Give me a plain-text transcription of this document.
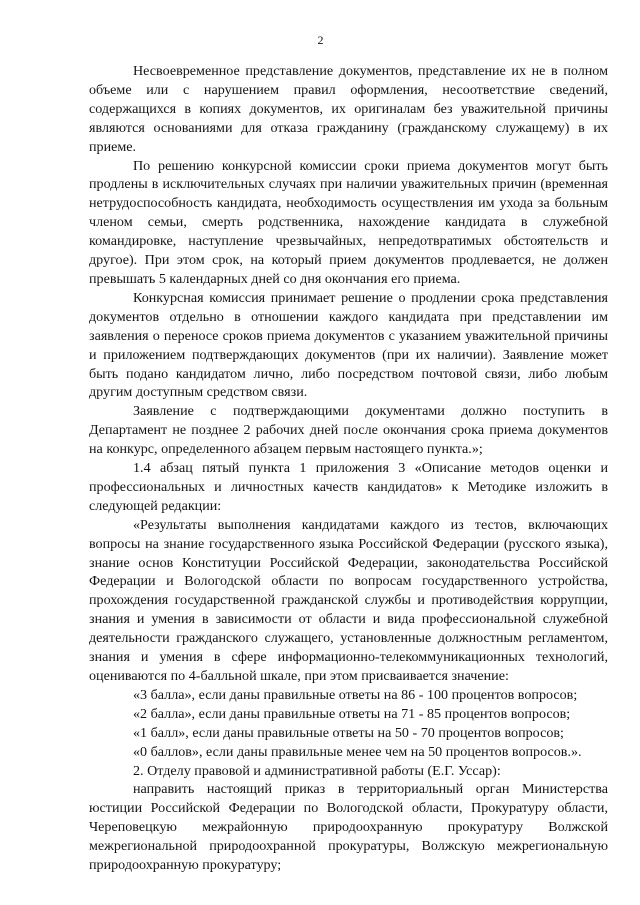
2

Несвоевременное представление документов, представление их не в полном объеме или с нарушением правил оформления, несоответствие сведений, содержащихся в копиях документов, их оригиналам без уважительной причины являются основаниями для отказа гражданину (гражданскому служащему) в их приеме.

По решению конкурсной комиссии сроки приема документов могут быть продлены в исключительных случаях при наличии уважительных причин (временная нетрудоспособность кандидата, необходимость осуществления им ухода за больным членом семьи, смерть родственника, нахождение кандидата в служебной командировке, наступление чрезвычайных, непредотвратимых обстоятельств и другое). При этом срок, на который прием документов продлевается, не должен превышать 5 календарных дней со дня окончания его приема.

Конкурсная комиссия принимает решение о продлении срока представления документов отдельно в отношении каждого кандидата при представлении им заявления о переносе сроков приема документов с указанием уважительной причины и приложением подтверждающих документов (при их наличии). Заявление может быть подано кандидатом лично, либо посредством почтовой связи, либо любым другим доступным средством связи.

Заявление с подтверждающими документами должно поступить в Департамент не позднее 2 рабочих дней после окончания срока приема документов на конкурс, определенного абзацем первым настоящего пункта.»;

1.4 абзац пятый пункта 1 приложения 3 «Описание методов оценки и профессиональных и личностных качеств кандидатов» к Методике изложить в следующей редакции:

«Результаты выполнения кандидатами каждого из тестов, включающих вопросы на знание государственного языка Российской Федерации (русского языка), знание основ Конституции Российской Федерации, законодательства Российской Федерации и Вологодской области по вопросам государственного устройства, прохождения государственной гражданской службы и противодействия коррупции, знания и умения в зависимости от области и вида профессиональной служебной деятельности гражданского служащего, установленные должностным регламентом, знания и умения в сфере информационно-телекоммуникационных технологий, оцениваются по 4-балльной шкале, при этом присваивается значение:

«3 балла», если даны правильные ответы на 86 - 100 процентов вопросов;

«2 балла», если даны правильные ответы на 71 - 85 процентов вопросов;

«1 балл», если даны правильные ответы на 50 - 70 процентов вопросов;

«0 баллов», если даны правильные менее чем на 50 процентов вопросов.».

2. Отделу правовой и административной работы (Е.Г. Уссар):

направить настоящий приказ в территориальный орган Министерства юстиции Российской Федерации по Вологодской области, Прокуратуру области, Череповецкую межрайонную природоохранную прокуратуру Волжской межрегиональной природоохранной прокуратуры, Волжскую межрегиональную природоохранную прокуратуру;
